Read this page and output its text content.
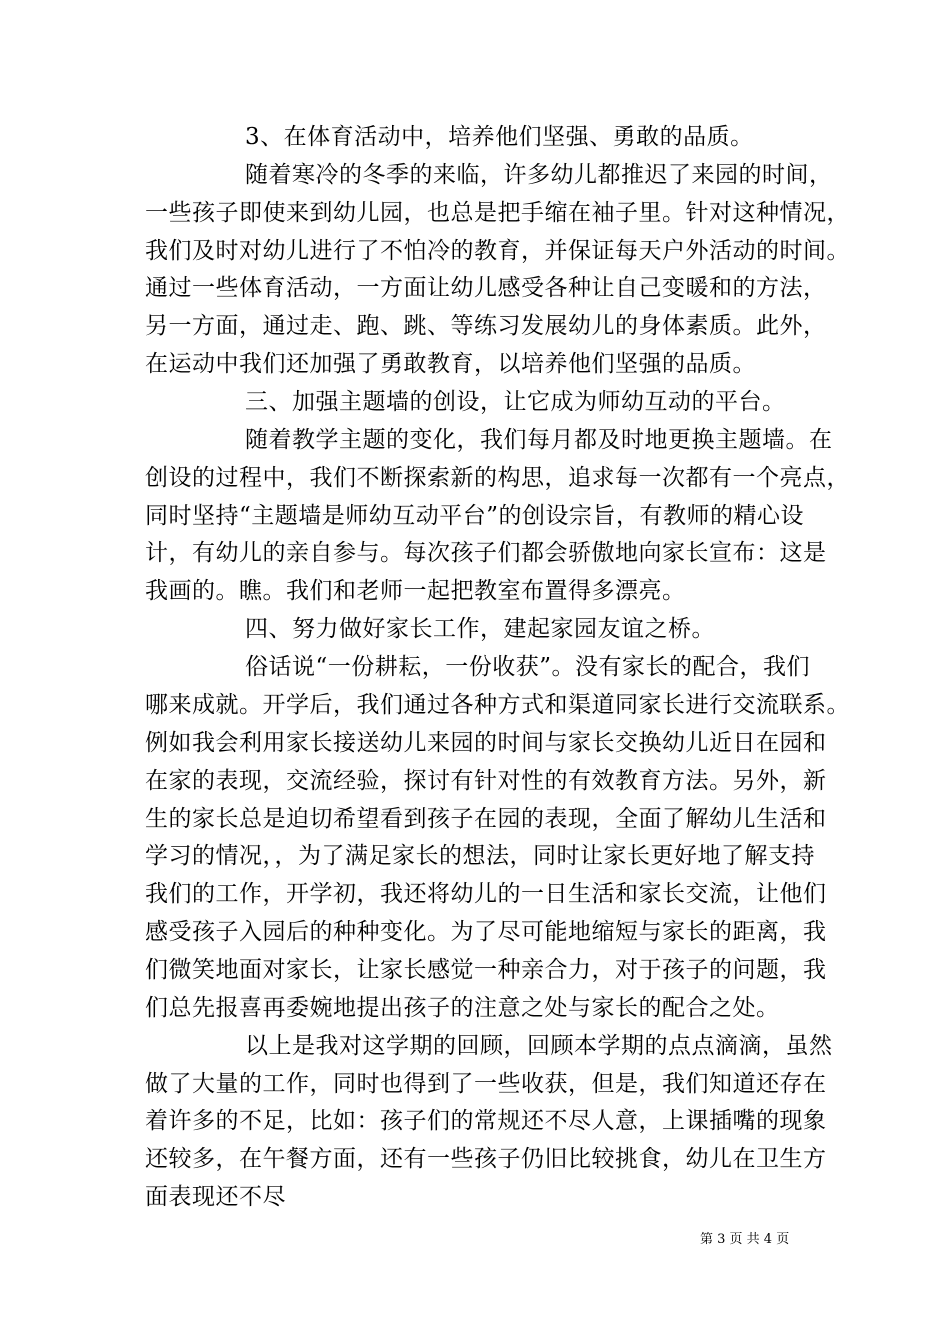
3、在体育活动中，培养他们坚强、勇敢的品质。
随着寒冷的冬季的来临，许多幼儿都推迟了来园的时间，
一些孩子即使来到幼儿园，也总是把手缩在袖子里。针对这种情况，
我们及时对幼儿进行了不怕冷的教育，并保证每天户外活动的时间。
通过一些体育活动，一方面让幼儿感受各种让自己变暖和的方法，
另一方面，通过走、跑、跳、等练习发展幼儿的身体素质。此外，
在运动中我们还加强了勇敢教育，以培养他们坚强的品质。
三、加强主题墙的创设，让它成为师幼互动的平台。
随着教学主题的变化，我们每月都及时地更换主题墙。在
创设的过程中，我们不断探索新的构思，追求每一次都有一个亮点，
同时坚持“主题墙是师幼互动平台”的创设宗旨，有教师的精心设
计，有幼儿的亲自参与。每次孩子们都会骄傲地向家长宣布：这是
我画的。瞧。我们和老师一起把教室布置得多漂亮。
四、努力做好家长工作，建起家园友谊之桥。
俗话说“一份耕耘，一份收获”。没有家长的配合，我们
哪来成就。开学后，我们通过各种方式和渠道同家长进行交流联系。
例如我会利用家长接送幼儿来园的时间与家长交换幼儿近日在园和
在家的表现，交流经验，探讨有针对性的有效教育方法。另外，新
生的家长总是迫切希望看到孩子在园的表现，全面了解幼儿生活和
学习的情况，，为了满足家长的想法，同时让家长更好地了解支持
我们的工作，开学初，我还将幼儿的一日生活和家长交流，让他们
感受孩子入园后的种种变化。为了尽可能地缩短与家长的距离，我
们微笑地面对家长，让家长感觉一种亲合力，对于孩子的问题，我
们总先报喜再委婉地提出孩子的注意之处与家长的配合之处。
以上是我对这学期的回顾，回顾本学期的点点滴滴，虽然
做了大量的工作，同时也得到了一些收获，但是，我们知道还存在
着许多的不足，比如：孩子们的常规还不尽人意，上课插嘴的现象
还较多，在午餐方面，还有一些孩子仍旧比较挑食，幼儿在卫生方
面表现还不尽
第 3 页 共 4 页
